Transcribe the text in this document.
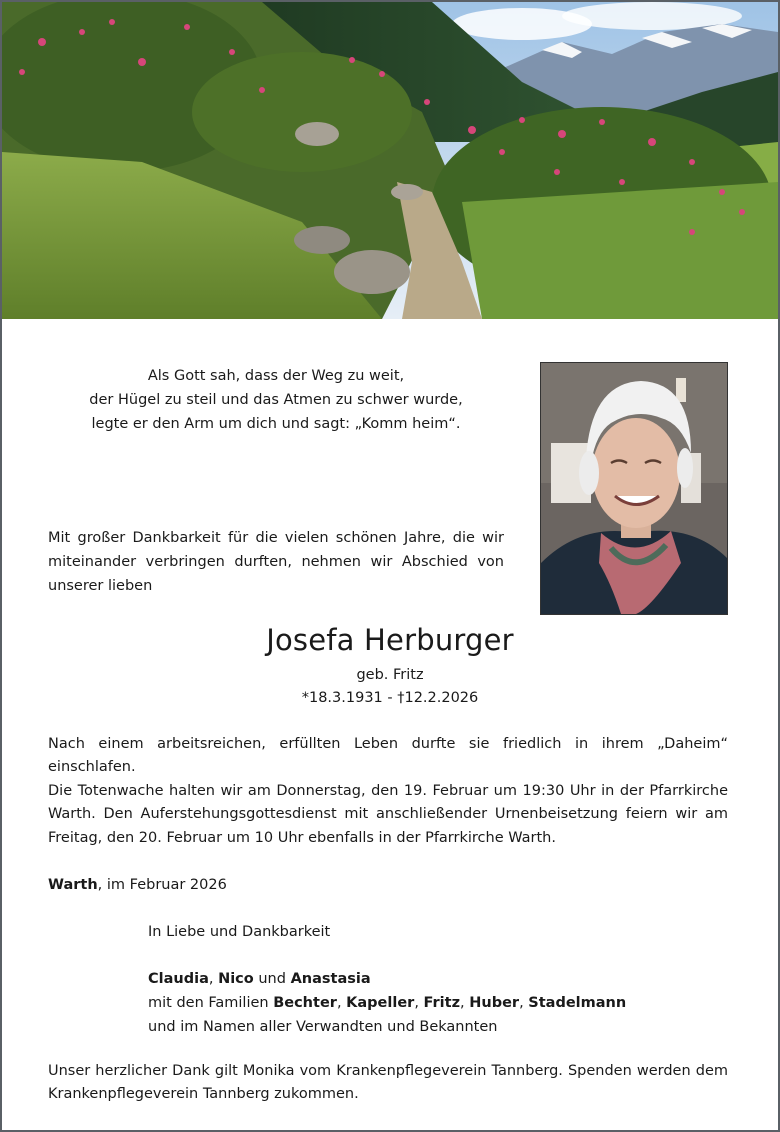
Als Gott sah, dass der Weg zu weit,
der Hügel zu steil und das Atmen zu schwer wurde,
legte er den Arm um dich und sagt: „Komm heim“.
Mit großer Dankbarkeit für die vielen schönen Jahre, die wir miteinander verbringen durften, nehmen wir Abschied von unserer lieben
Josefa Herburger
geb. Fritz
*18.3.1931 - †12.2.2026

Nach einem arbeitsreichen, erfüllten Leben durfte sie friedlich in ihrem „Daheim“ einschlafen.

Die Totenwache halten wir am Donnerstag, den 19. Februar um 19:30 Uhr in der Pfarrkirche Warth. Den Auferstehungsgottesdienst mit anschließender Urnenbeisetzung feiern wir am Freitag, den 20. Februar um 10 Uhr ebenfalls in der Pfarrkirche Warth.

Warth, im Februar 2026
In Liebe und Dankbarkeit
Claudia, Nico und Anastasia
mit den Familien Bechter, Kapeller, Fritz, Huber, Stadelmann
und im Namen aller Verwandten und Bekannten
Unser herzlicher Dank gilt Monika vom Krankenpflegeverein Tannberg. Spenden werden dem Krankenpflegeverein Tannberg zukommen.
